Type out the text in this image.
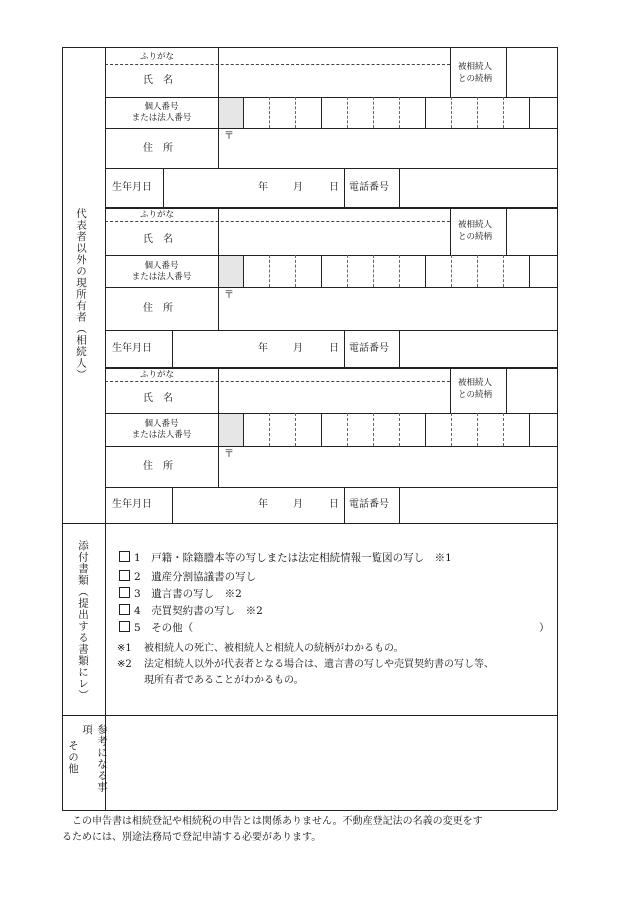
代表者以外の現所有者（相続人）
ふりがな
氏　名
被相続人
との続柄
個人番号
または法人番号
住　所
〒
生年月日	年	月	日 電話番号
ふりがな
氏　名
被相続人
との続柄
個人番号
または法人番号
住　所
〒
生年月日	年	月	日 電話番号
ふりがな
氏　名
被相続人
との続柄
個人番号
または法人番号
住　所
〒
生年月日	年	月	日 電話番号
添付書類（提出する書類にレ）	1　 戸籍・除籍謄本等の写しまたは法定相続情報一覧図の写し　※1
2　 遺産分割協議書の写し
3　 遺言書の写し　※2
4　 売買契約書の写し　※2
5　 その他（	）
※1 被相続人の死亡、被相続人と相続人の続柄がわかるもの。
※2 法定相続人以外が代表者となる場合は、遺言書の写しや売買契約書の写し等、
現所有者であることがわかるもの。
参考になる事項
その他
　この申告書は相続登記や相続税の申告とは関係ありません。不動産登記法の名義の変更をす
るためには、別途法務局で登記申請する必要があります。
